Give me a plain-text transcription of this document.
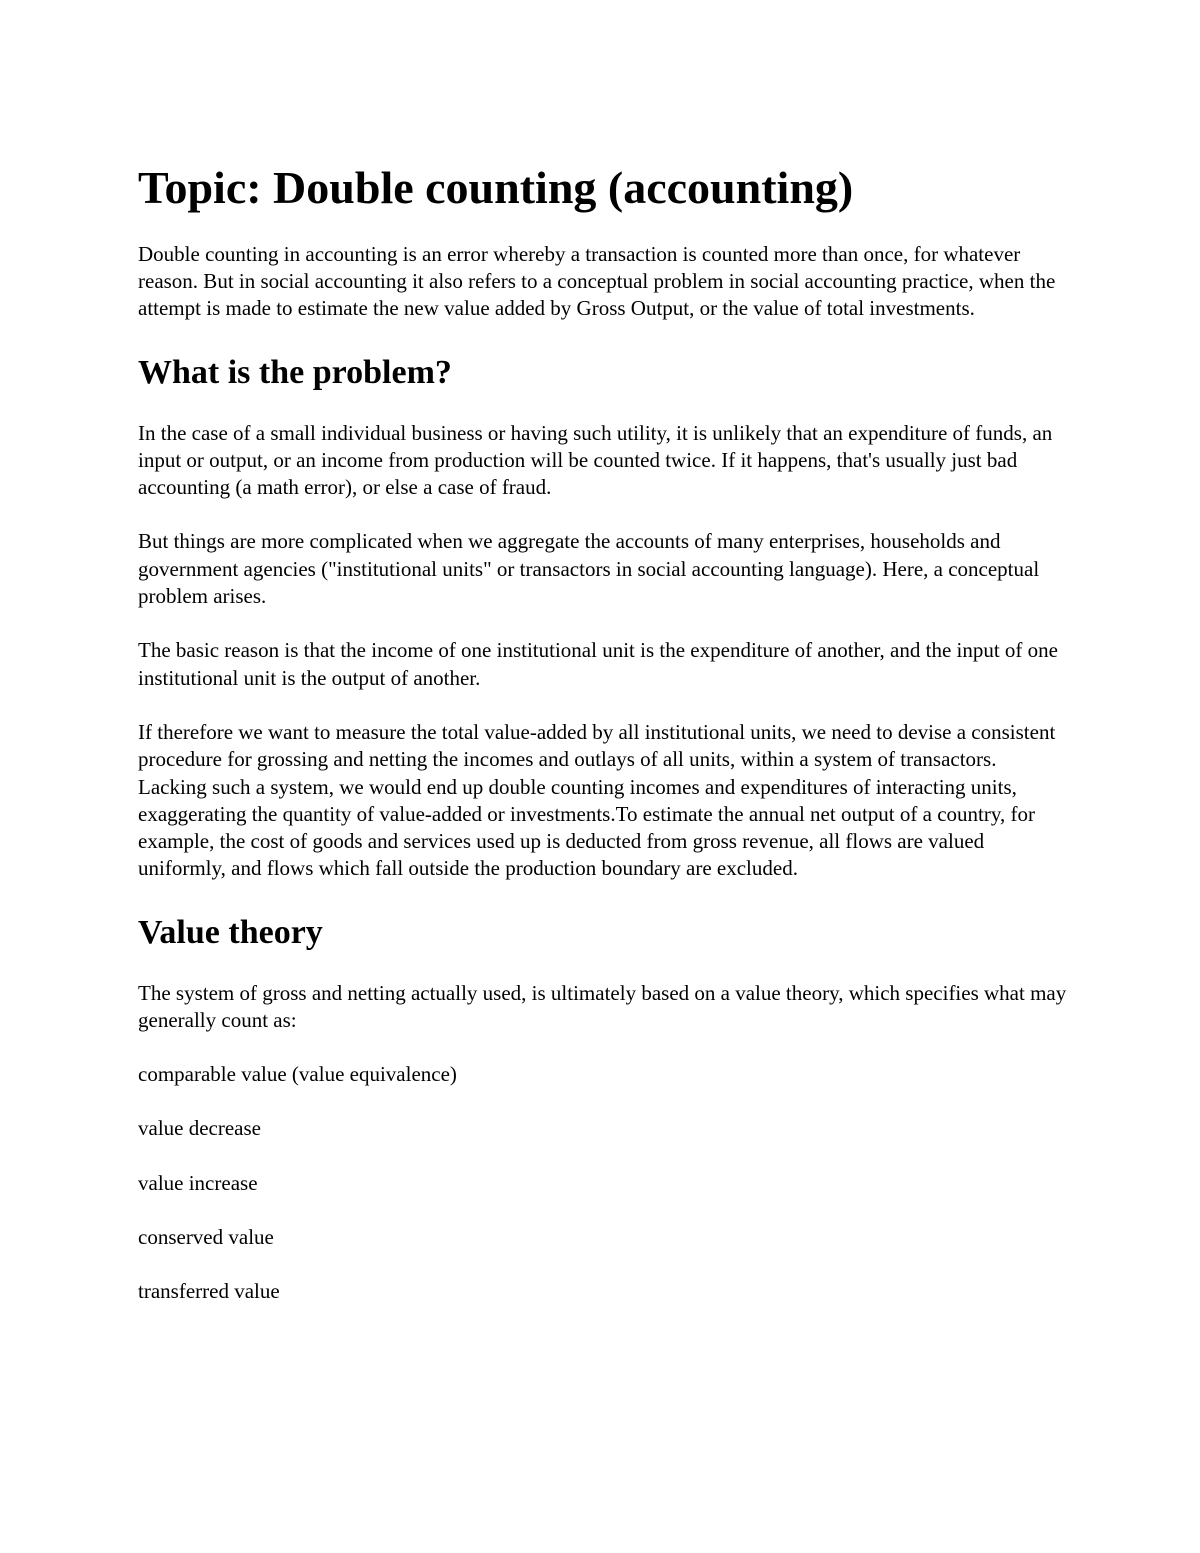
Topic: Double counting (accounting)

Double counting in accounting is an error whereby a transaction is counted more than once, for whatever reason. But in social accounting it also refers to a conceptual problem in social accounting practice, when the attempt is made to estimate the new value added by Gross Output, or the value of total investments.

What is the problem?

In the case of a small individual business or having such utility, it is unlikely that an expenditure of funds, an input or output, or an income from production will be counted twice. If it happens, that's usually just bad accounting (a math error), or else a case of fraud.

But things are more complicated when we aggregate the accounts of many enterprises, households and government agencies ("institutional units" or transactors in social accounting language). Here, a conceptual problem arises.

The basic reason is that the income of one institutional unit is the expenditure of another, and the input of one institutional unit is the output of another.

If therefore we want to measure the total value-added by all institutional units, we need to devise a consistent procedure for grossing and netting the incomes and outlays of all units, within a system of transactors. Lacking such a system, we would end up double counting incomes and expenditures of interacting units, exaggerating the quantity of value-added or investments.To estimate the annual net output of a country, for example, the cost of goods and services used up is deducted from gross revenue, all flows are valued uniformly, and flows which fall outside the production boundary are excluded.

Value theory

The system of gross and netting actually used, is ultimately based on a value theory, which specifies what may generally count as:

comparable value (value equivalence)

value decrease

value increase

conserved value

transferred value
